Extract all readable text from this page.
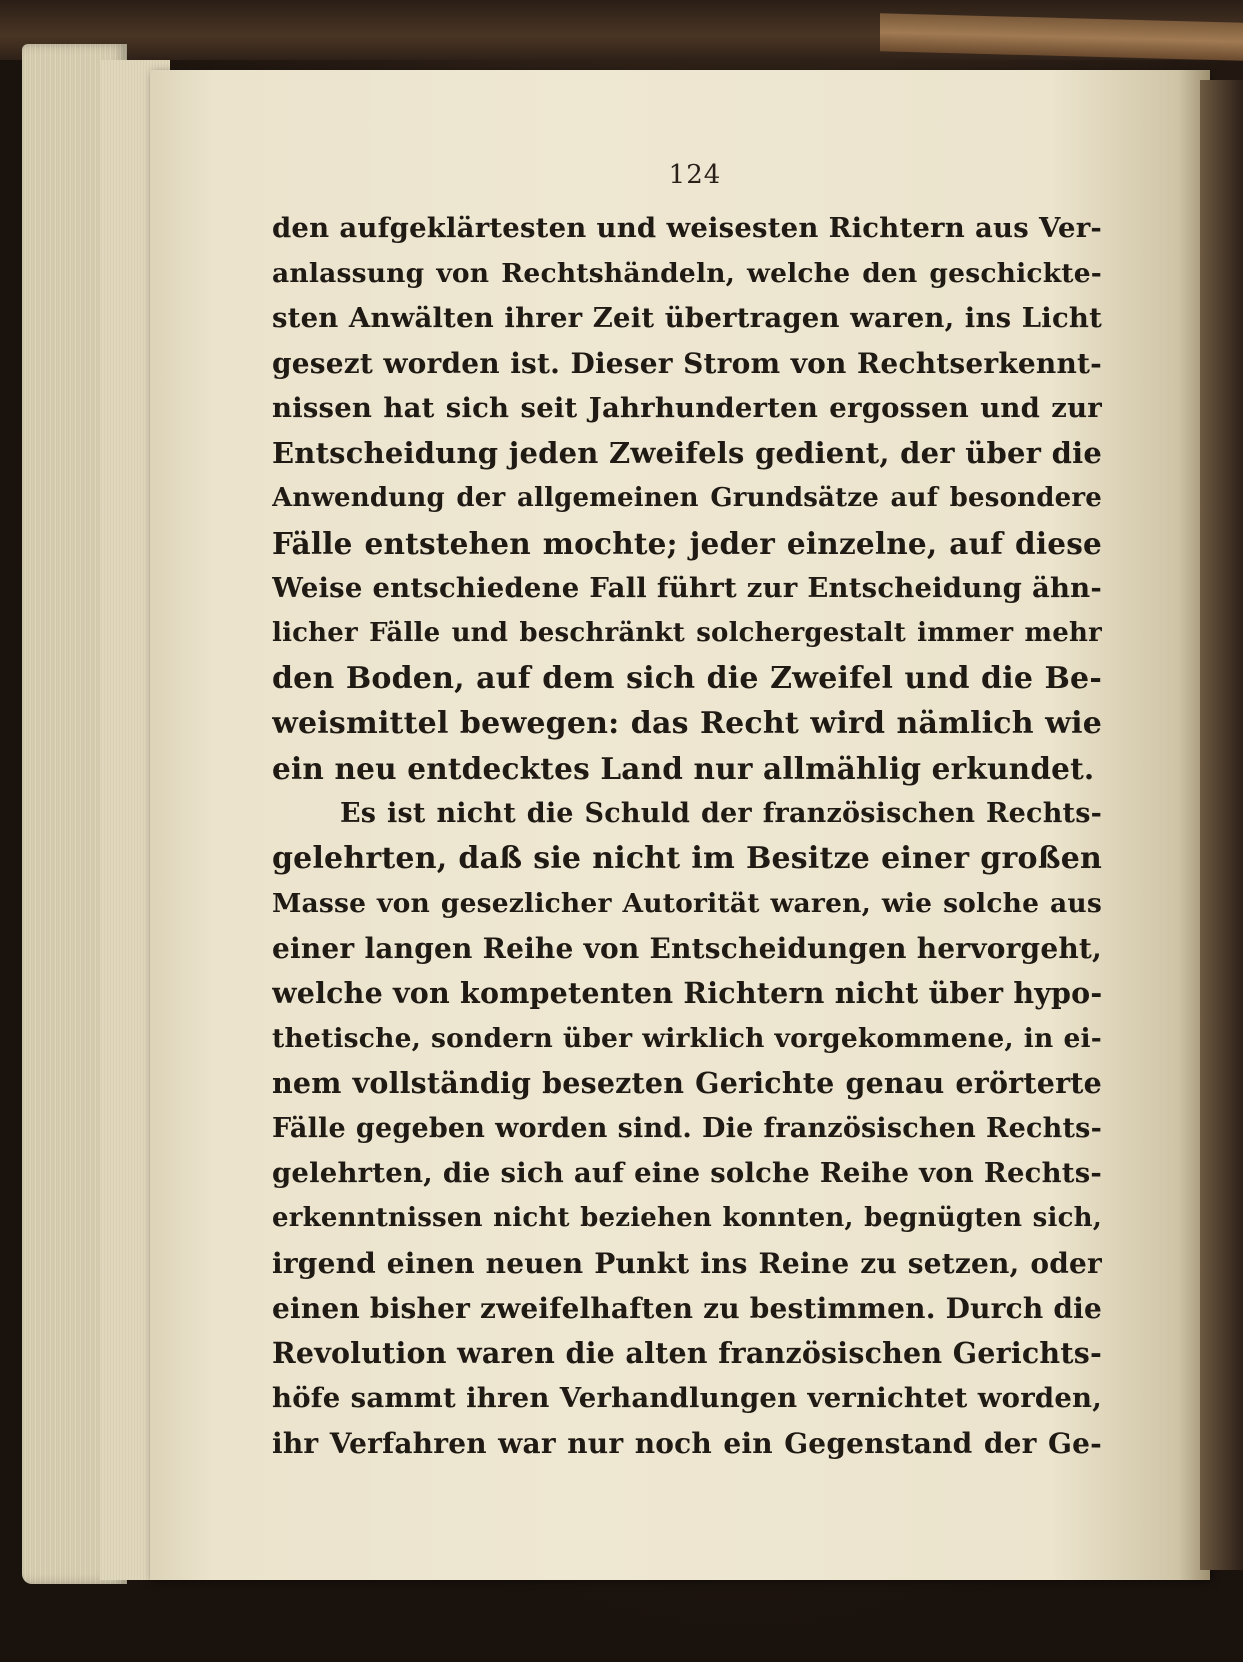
124
den aufgeklärtesten und weisesten Richtern aus Ver-
anlassung von Rechtshändeln, welche den geschickte-
sten Anwälten ihrer Zeit übertragen waren, ins Licht
gesezt worden ist. Dieser Strom von Rechtserkennt-
nissen hat sich seit Jahrhunderten ergossen und zur
Entscheidung jeden Zweifels gedient, der über die
Anwendung der allgemeinen Grundsätze auf besondere
Fälle entstehen mochte; jeder einzelne, auf diese
Weise entschiedene Fall führt zur Entscheidung ähn-
licher Fälle und beschränkt solchergestalt immer mehr
den Boden, auf dem sich die Zweifel und die Be-
weismittel bewegen: das Recht wird nämlich wie
ein neu entdecktes Land nur allmählig erkundet.
Es ist nicht die Schuld der französischen Rechts-
gelehrten, daß sie nicht im Besitze einer großen
Masse von gesezlicher Autorität waren, wie solche aus
einer langen Reihe von Entscheidungen hervorgeht,
welche von kompetenten Richtern nicht über hypo-
thetische, sondern über wirklich vorgekommene, in ei-
nem vollständig besezten Gerichte genau erörterte
Fälle gegeben worden sind. Die französischen Rechts-
gelehrten, die sich auf eine solche Reihe von Rechts-
erkenntnissen nicht beziehen konnten, begnügten sich,
irgend einen neuen Punkt ins Reine zu setzen, oder
einen bisher zweifelhaften zu bestimmen. Durch die
Revolution waren die alten französischen Gerichts-
höfe sammt ihren Verhandlungen vernichtet worden,
ihr Verfahren war nur noch ein Gegenstand der Ge-
